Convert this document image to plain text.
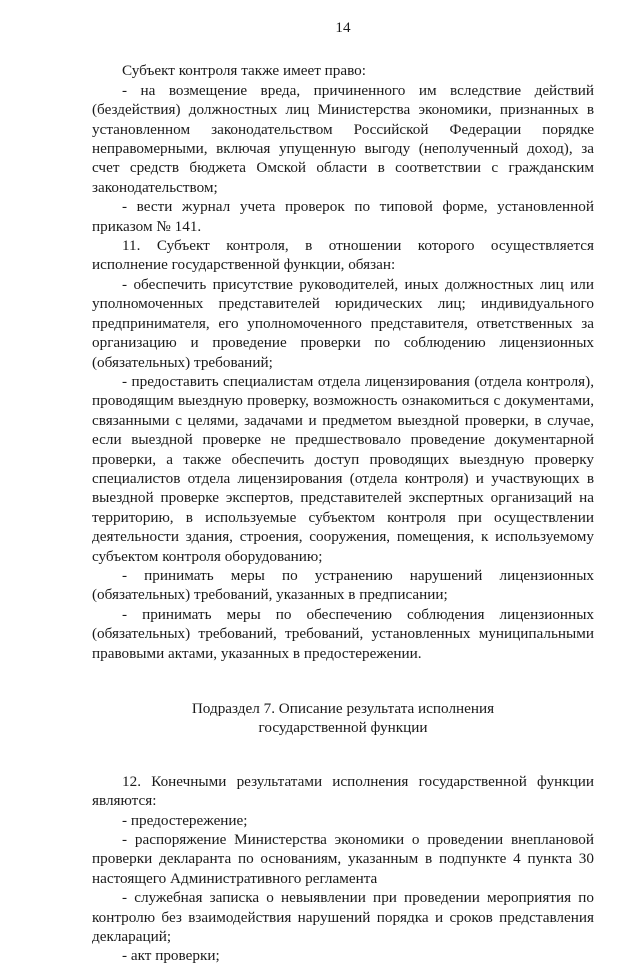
14

Субъект контроля также имеет право:

- на возмещение вреда, причиненного им вследствие действий (бездействия) должностных лиц Министерства экономики, признанных в установленном законодательством Российской Федерации порядке неправомерными, включая упущенную выгоду (неполученный доход), за счет средств бюджета Омской области в соответствии с гражданским законодательством;

- вести журнал учета проверок по типовой форме, установленной приказом № 141.

11. Субъект контроля, в отношении которого осуществляется исполнение государственной функции, обязан:

- обеспечить присутствие руководителей, иных должностных лиц или уполномоченных представителей юридических лиц; индивидуального предпринимателя, его уполномоченного представителя, ответственных за организацию и проведение проверки по соблюдению лицензионных (обязательных) требований;

- предоставить специалистам отдела лицензирования (отдела контроля), проводящим выездную проверку, возможность ознакомиться с документами, связанными с целями, задачами и предметом выездной проверки, в случае, если выездной проверке не предшествовало проведение документарной проверки, а также обеспечить доступ проводящих выездную проверку специалистов отдела лицензирования (отдела контроля) и участвующих в выездной проверке экспертов, представителей экспертных организаций на территорию, в используемые субъектом контроля при осуществлении деятельности здания, строения, сооружения, помещения, к используемому субъектом контроля оборудованию;

- принимать меры по устранению нарушений лицензионных (обязательных) требований, указанных в предписании;

- принимать меры по обеспечению соблюдения лицензионных (обязательных) требований, требований, установленных муниципальными правовыми актами, указанных в предостережении.

Подраздел 7. Описание результата исполнения
государственной функции

12. Конечными результатами исполнения государственной функции являются:

- предостережение;

- распоряжение Министерства экономики о проведении внеплановой проверки декларанта по основаниям, указанным в подпункте 4 пункта 30 настоящего Административного регламента

- служебная записка о невыявлении при проведении мероприятия по контролю без взаимодействия нарушений порядка и сроков представления деклараций;

- акт проверки;
